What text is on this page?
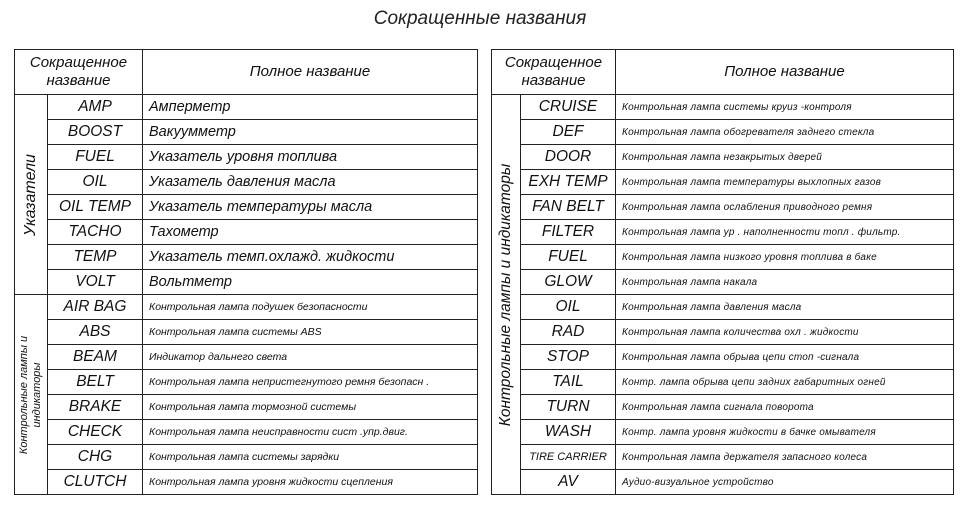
Сокращенные названия
Сокращенное название		Полное название

Указатели	AMP	Амперметр
	BOOST	Вакуумметр
	FUEL	Указатель уровня топлива
	OIL	Указатель давления масла
	OIL TEMP	Указатель температуры масла
	TACHO	Тахометр
	TEMP	Указатель темп.охлажд. жидкости
	VOLT	Вольтметр

Контрольные лампы и
индикаторы	AIR BAG	Контрольная лампа подушек безопасности
	ABS	Контрольная лампа системы ABS
	BEAM	Индикатор дальнего света
	BELT	Контрольная лампа непристегнутого ремня безопасн .
	BRAKE	Контрольная лампа тормозной системы
	CHECK	Контрольная лампа неисправности сист .упр.двиг.
	CHG	Контрольная лампа системы зарядки
	CLUTCH	Контрольная лампа уровня жидкости сцепления
Сокращенное название		Полное название

Контрольные лампы и индикаторы	CRUISE	Контрольная лампа системы круиз -контроля
	DEF	Контрольная лампа обогревателя заднего стекла
	DOOR	Контрольная лампа незакрытых дверей
	EXH TEMP	Контрольная лампа температуры выхлопных газов
	FAN BELT	Контрольная лампа ослабления приводного ремня
	FILTER	Контрольная лампа ур . наполненности топл . фильтр.
	FUEL	Контрольная лампа низкого уровня топлива в баке
	GLOW	Контрольная лампа накала
	OIL	Контрольная лампа давления масла
	RAD	Контрольная лампа количества охл . жидкости
	STOP	Контрольная лампа обрыва цепи стоп -сигнала
	TAIL	Контр. лампа обрыва цепи задних габаритных огней
	TURN	Контрольная лампа сигнала поворота
	WASH	Контр. лампа уровня жидкости в бачке омывателя
	TIRE CARRIER	Контрольная лампа держателя запасного колеса
	AV	Аудио-визуальное устройство
